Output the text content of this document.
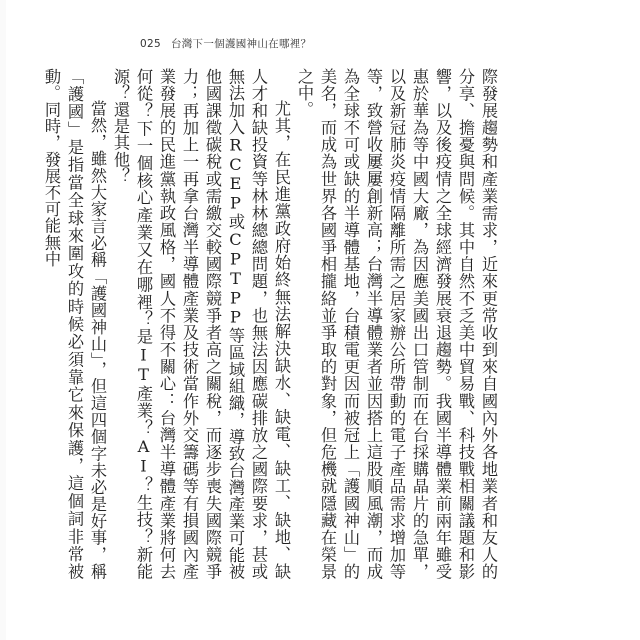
025 台灣下一個護國神山在哪裡？

際發展趨勢和產業需求，近來更常收到來自國內外各地業者和友人的分享、擔憂與問候。其中自然不乏美中貿易戰、科技戰相關議題和影響，以及後疫情之全球經濟發展衰退趨勢。我國半導體業前兩年雖受惠於華為等中國大廠，為因應美國出口管制而在台採購晶片的急單，以及新冠肺炎疫情隔離所需之居家辦公所帶動的電子產品需求增加等等，致營收屢屢創新高；台灣半導體業者並因搭上這股順風潮，而成為全球不可或缺的半導體基地，台積電更因而被冠上「護國神山」的美名，而成為世界各國爭相攏絡並爭取的對象，但危機就隱藏在榮景之中。

尤其，在民進黨政府始終無法解決缺水、缺電、缺工、缺地、缺人才和缺投資等林林總總問題，也無法因應碳排放之國際要求，甚或無法加入RCEP或CPTPP等區域組織，導致台灣產業可能被他國課徵碳稅或需繳交較國際競爭者高之關稅，而逐步喪失國際競爭力；再加上一再拿台灣半導體產業及技術當作外交籌碼等有損國內產業發展的民進黨執政風格，國人不得不關心：台灣半導體產業將何去何從？下一個核心產業又在哪裡？是IT產業？AI？生技？新能源？還是其他？

當然，雖然大家言必稱「護國神山」，但這四個字未必是好事，稱「護國」是指當全球來圍攻的時候必須靠它來保護，這個詞非常被動。同時，發展不可能無中
